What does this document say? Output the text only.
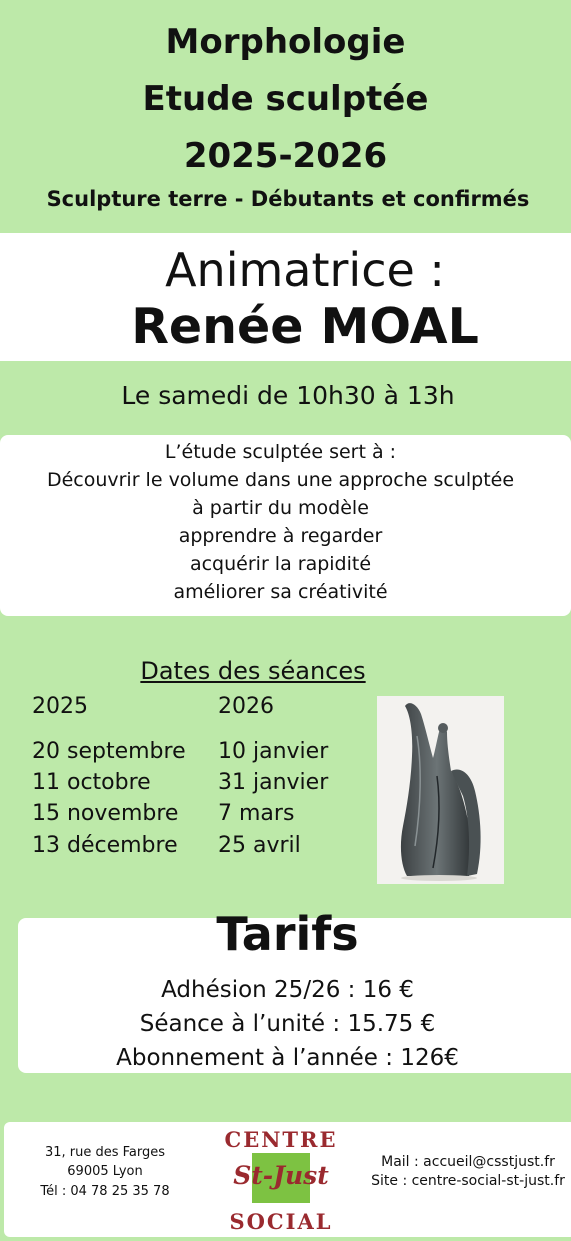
Morphologie
Etude sculptée
2025-2026
Sculpture terre - Débutants et confirmés
Animatrice :
Renée MOAL
Le samedi de 10h30 à 13h
L’étude sculptée sert à :
Découvrir le volume dans une approche sculptée
à partir du modèle
apprendre à regarder
acquérir la rapidité
améliorer sa créativité
Dates des séances
2025	2026
20 septembre
11 octobre
15 novembre
13 décembre
10 janvier
31 janvier
7 mars
25 avril
Tarifs
Adhésion 25/26 : 16 €
Séance à l’unité : 15.75 €
Abonnement à l’année : 126€
31, rue des Farges
69005 Lyon
Tél : 04 78 25 35 78
CENTRE
St-Just
SOCIAL
Mail : accueil@csstjust.fr
Site : centre-social-st-just.fr
